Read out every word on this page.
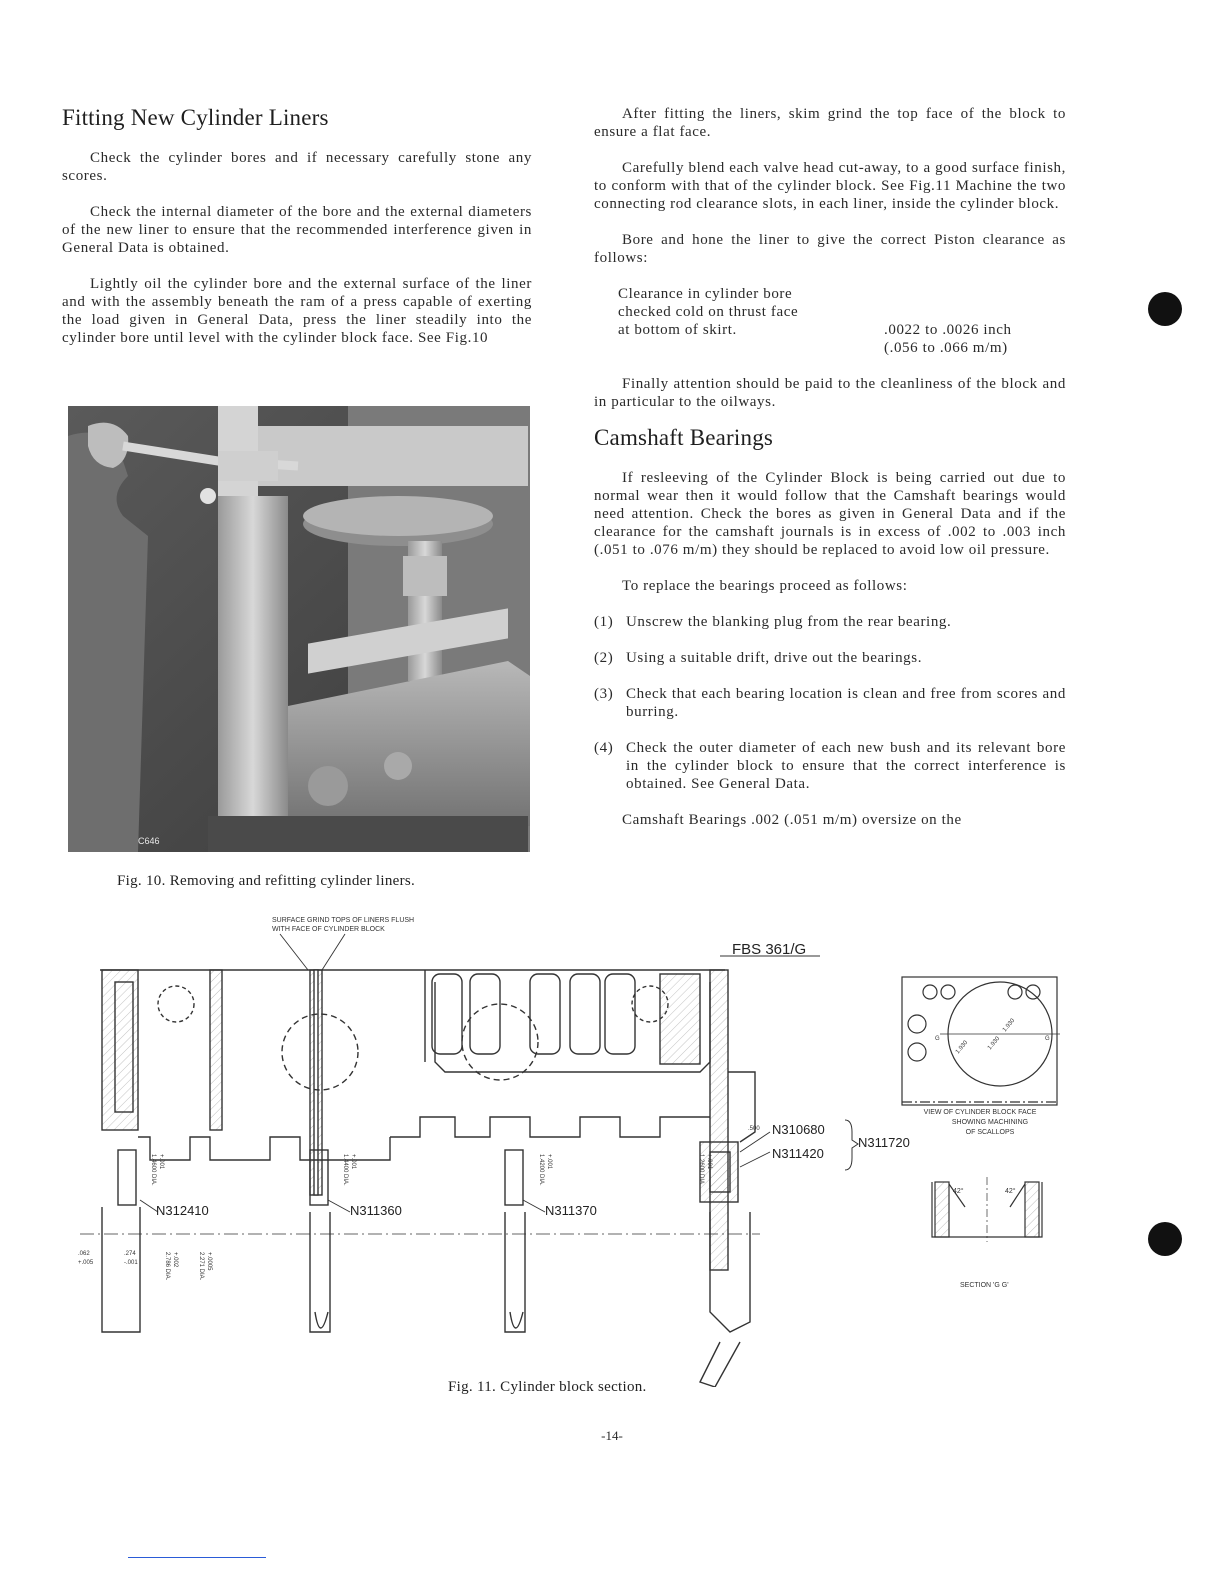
Fitting New Cylinder Liners

Check the cylinder bores and if necessary carefully stone any scores.

Check the internal diameter of the bore and the external diameters of the new liner to ensure that the recommended interference given in General Data is obtained.

Lightly oil the cylinder bore and the external surface of the liner and with the assembly beneath the ram of a press capable of exerting the load given in General Data, press the liner steadily into the cylinder bore until level with the cylinder block face. See Fig.10

C646
Fig. 10. Removing and refitting cylinder liners.

After fitting the liners, skim grind the top face of the block to ensure a flat face.

Carefully blend each valve head cut-away, to a good surface finish, to conform with that of the cylinder block. See Fig.11 Machine the two connecting rod clearance slots, in each liner, inside the cylinder block.

Bore and hone the liner to give the correct Piston clearance as follows:

Clearance in cylinder bore
checked cold on thrust face
at bottom of skirt.	.0022 to .0026 inch
(.056 to .066 m/m)

Finally attention should be paid to the cleanliness of the block and in particular to the oilways.

Camshaft Bearings

If resleeving of the Cylinder Block is being carried out due to normal wear then it would follow that the Camshaft bearings would need attention. Check the bores as given in General Data and if the clearance for the camshaft journals is in excess of .002 to .003 inch (.051 to .076 m/m) they should be replaced to avoid low oil pressure.

To replace the bearings proceed as follows:

(1) Unscrew the blanking plug from the rear bearing.
(2) Using a suitable drift, drive out the bearings.
(3) Check that each bearing location is clean and free from scores and burring.
(4) Check the outer diameter of each new bush and its relevant bore in the cylinder block to ensure that the correct interference is obtained. See General Data.

Camshaft Bearings .002 (.051 m/m) oversize on the

SURFACE GRIND TOPS OF LINERS FLUSH
WITH FACE OF CYLINDER BLOCK
FBS 361/G
N312410	N311360	N311370
N310680
N311420
N311720
1.4600 DIA. +.001	1.4400 DIA. +.001	1.4200 DIA. +.001	1.2600 DIA. +.001
.062
+.005
.274
-.001	2.786 DIA. +.002	2.271 DIA. +.0005
.500
G	G
1.930	1.930
1.930
VIEW OF CYLINDER BLOCK FACE
SHOWING MACHINING
OF SCALLOPS
42°	42°
SECTION 'G G'
Fig. 11. Cylinder block section.
-14-
